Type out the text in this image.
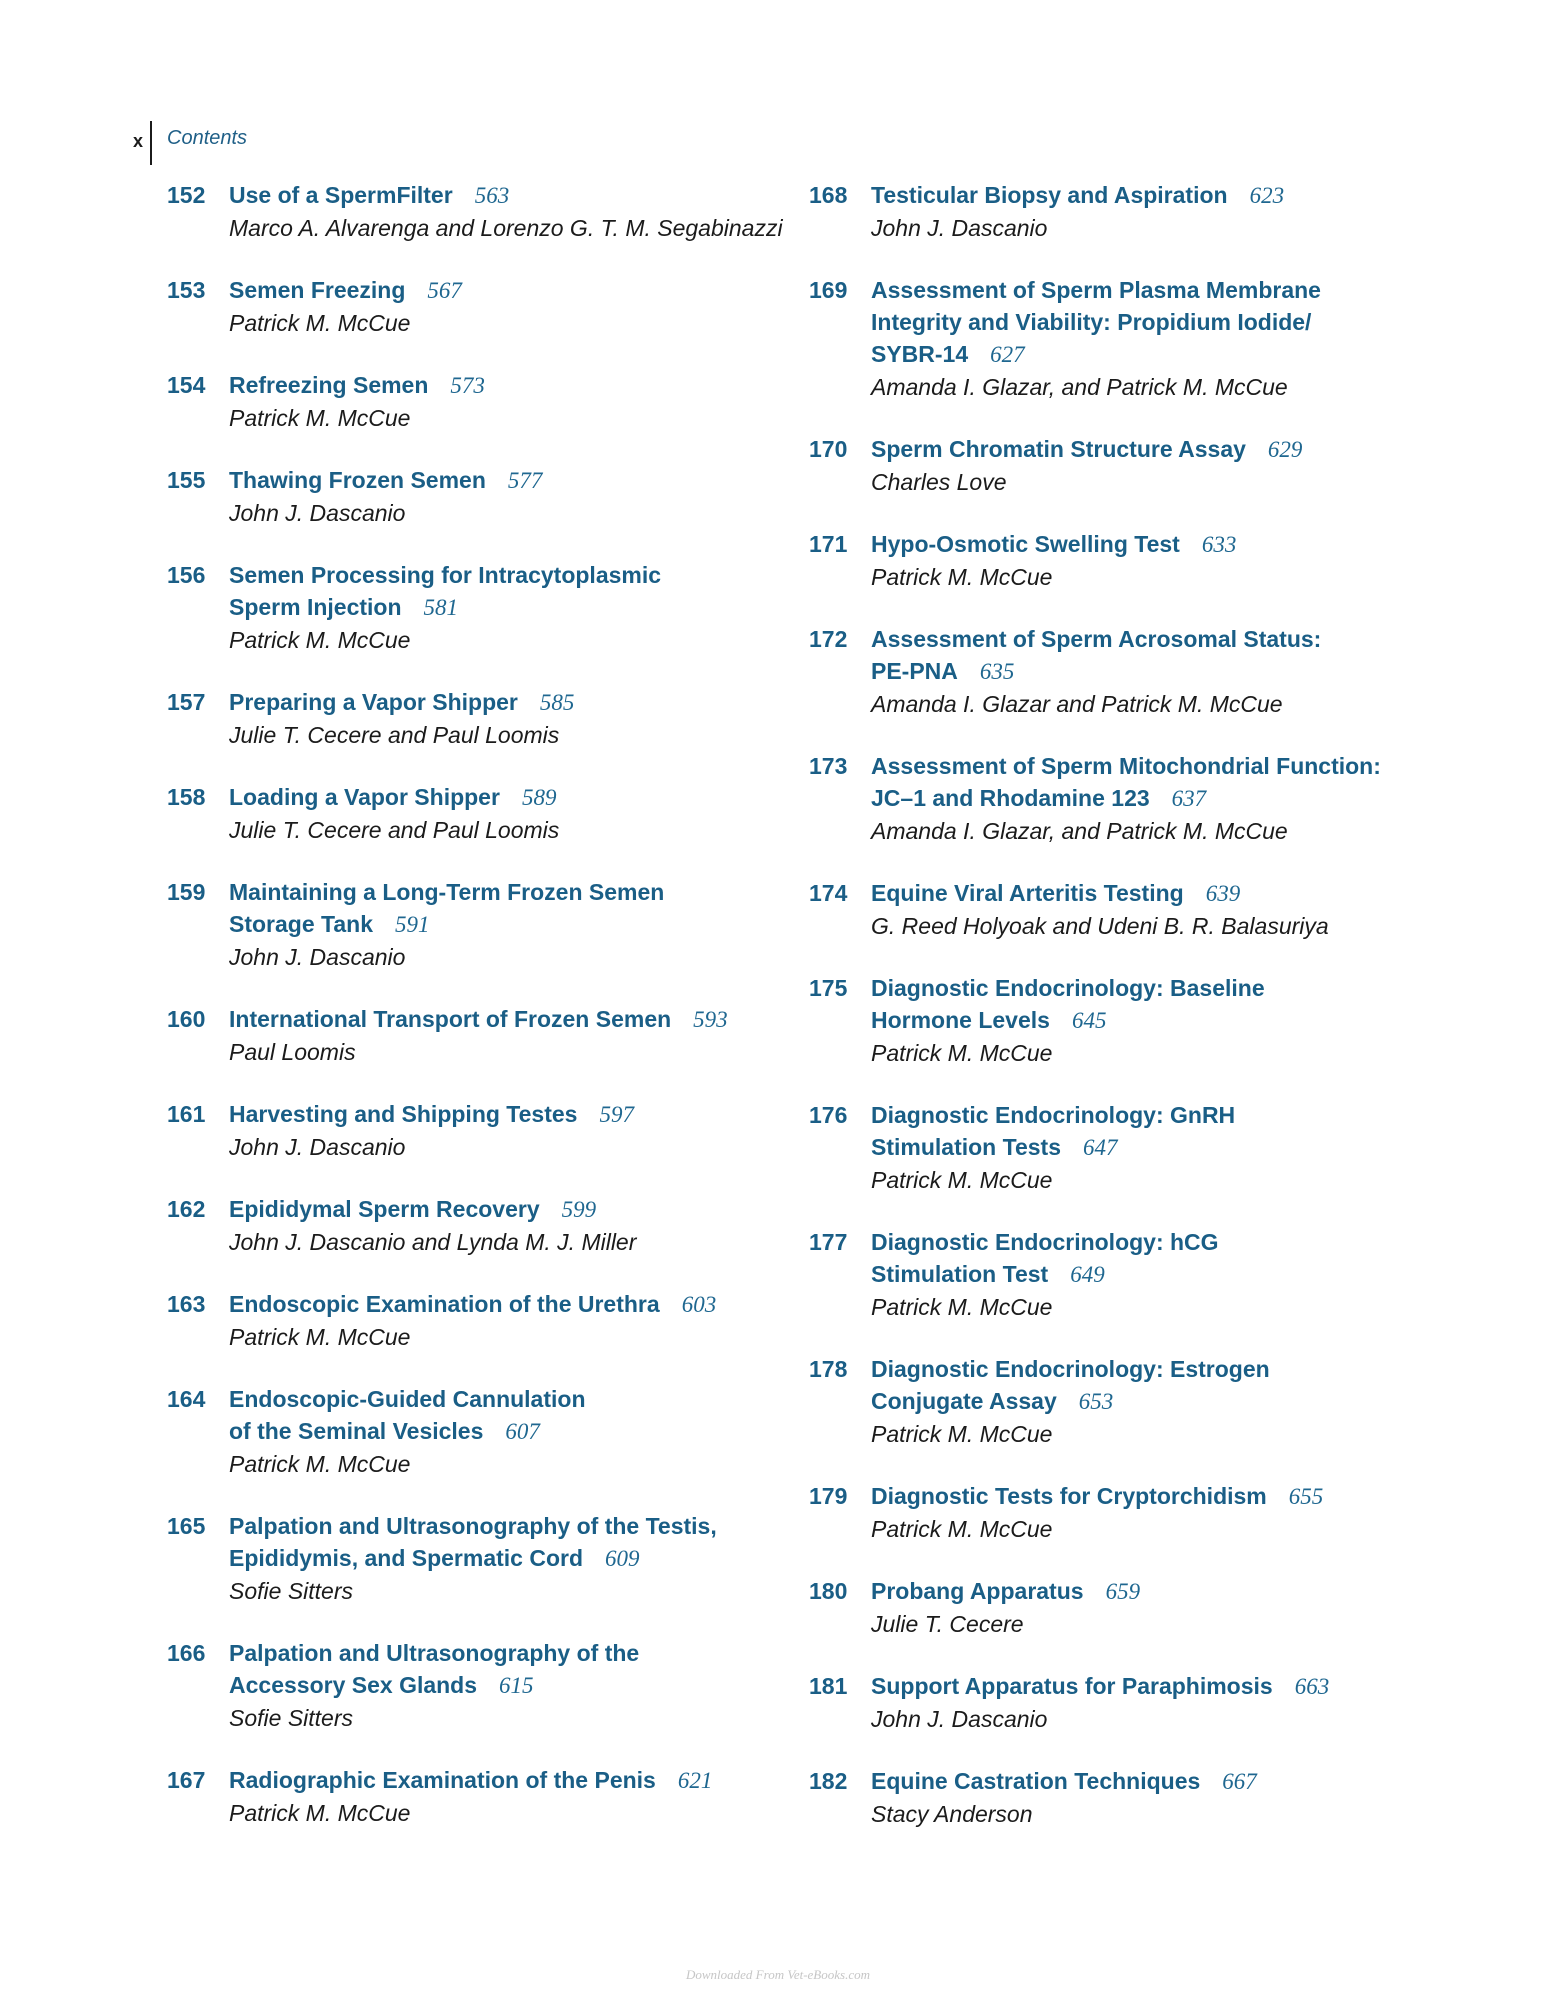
x Contents
152	Use of a SpermFilter 563
Marco A. Alvarenga and Lorenzo G. T. M. Segabinazzi
153	Semen Freezing 567
Patrick M. McCue
154	Refreezing Semen 573
Patrick M. McCue
155	Thawing Frozen Semen 577
John J. Dascanio
156	Semen Processing for Intracytoplasmic
Sperm Injection 581
Patrick M. McCue
157	Preparing a Vapor Shipper 585
Julie T. Cecere and Paul Loomis
158	Loading a Vapor Shipper 589
Julie T. Cecere and Paul Loomis
159	Maintaining a Long-Term Frozen Semen
Storage Tank 591
John J. Dascanio
160	International Transport of Frozen Semen 593
Paul Loomis
161	Harvesting and Shipping Testes 597
John J. Dascanio
162	Epididymal Sperm Recovery 599
John J. Dascanio and Lynda M. J. Miller
163	Endoscopic Examination of the Urethra 603
Patrick M. McCue
164	Endoscopic-Guided Cannulation
of the Seminal Vesicles 607
Patrick M. McCue
165	Palpation and Ultrasonography of the Testis,
Epididymis, and Spermatic Cord 609
Sofie Sitters
166	Palpation and Ultrasonography of the
Accessory Sex Glands 615
Sofie Sitters
167	Radiographic Examination of the Penis 621
Patrick M. McCue
168	Testicular Biopsy and Aspiration 623
John J. Dascanio
169	Assessment of Sperm Plasma Membrane
Integrity and Viability: Propidium Iodide/
SYBR-14 627
Amanda I. Glazar, and Patrick M. McCue
170	Sperm Chromatin Structure Assay 629
Charles Love
171	Hypo-Osmotic Swelling Test 633
Patrick M. McCue
172	Assessment of Sperm Acrosomal Status:
PE-PNA 635
Amanda I. Glazar and Patrick M. McCue
173	Assessment of Sperm Mitochondrial Function:
JC–1 and Rhodamine 123 637
Amanda I. Glazar, and Patrick M. McCue
174	Equine Viral Arteritis Testing 639
G. Reed Holyoak and Udeni B. R. Balasuriya
175	Diagnostic Endocrinology: Baseline
Hormone Levels 645
Patrick M. McCue
176	Diagnostic Endocrinology: GnRH
Stimulation Tests 647
Patrick M. McCue
177	Diagnostic Endocrinology: hCG
Stimulation Test 649
Patrick M. McCue
178	Diagnostic Endocrinology: Estrogen
Conjugate Assay 653
Patrick M. McCue
179	Diagnostic Tests for Cryptorchidism 655
Patrick M. McCue
180	Probang Apparatus 659
Julie T. Cecere
181	Support Apparatus for Paraphimosis 663
John J. Dascanio
182	Equine Castration Techniques 667
Stacy Anderson
Downloaded From Vet-eBooks.com
